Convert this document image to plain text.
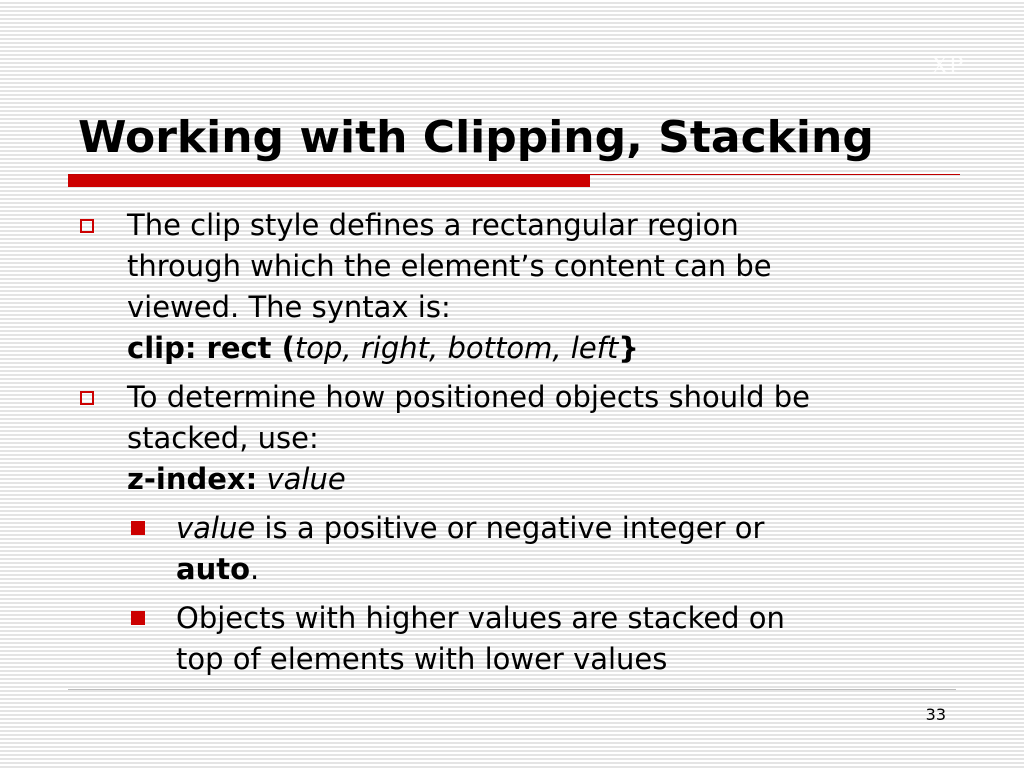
XP
Working with Clipping, Stacking
The clip style defines a rectangular region
through which the element’s content can be
viewed. The syntax is:
clip: rect (top, right, bottom, left}
To determine how positioned objects should be
stacked, use:
z-index: value
value is a positive or negative integer or
auto.
Objects with higher values are stacked on
top of elements with lower values
33
